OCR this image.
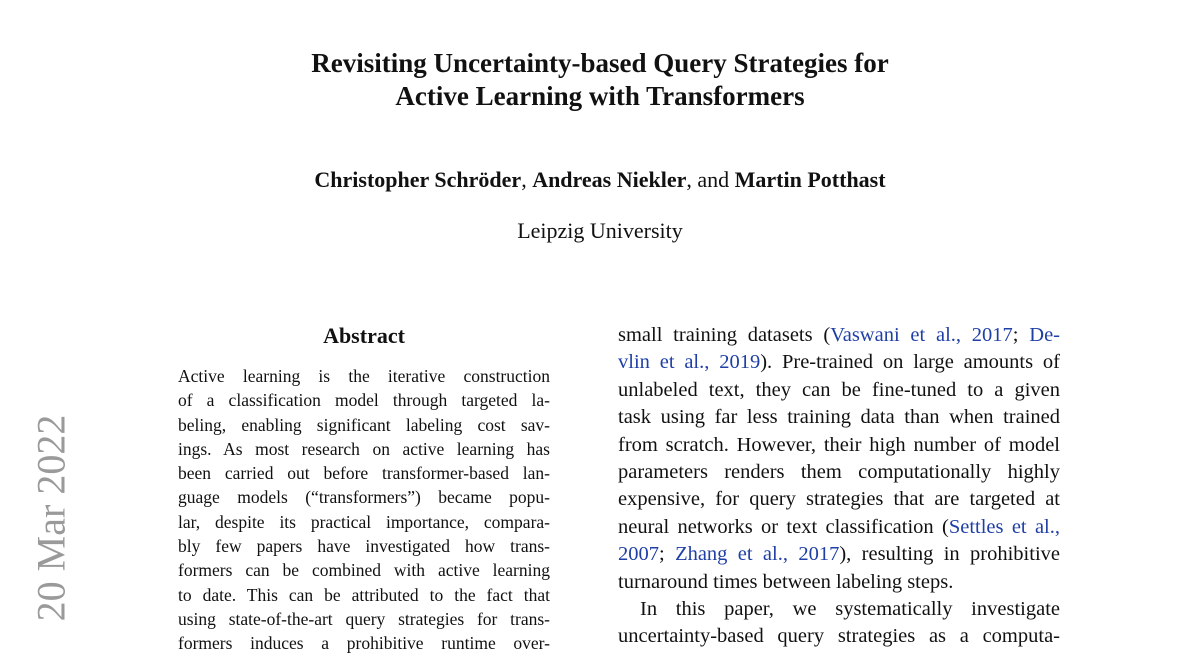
Revisiting Uncertainty-based Query Strategies for
Active Learning with Transformers
Christopher Schröder, Andreas Niekler, and Martin Potthast
Leipzig University
20 Mar 2022
Abstract
Active learning is the iterative construction
of a classification model through targeted la-
beling, enabling significant labeling cost sav-
ings. As most research on active learning has
been carried out before transformer-based lan-
guage models (“transformers”) became popu-
lar, despite its practical importance, compara-
bly few papers have investigated how trans-
formers can be combined with active learning
to date. This can be attributed to the fact that
using state-of-the-art query strategies for trans-
formers induces a prohibitive runtime over-
small training datasets (Vaswani et al., 2017; De-
vlin et al., 2019). Pre-trained on large amounts of
unlabeled text, they can be fine-tuned to a given
task using far less training data than when trained
from scratch. However, their high number of model
parameters renders them computationally highly
expensive, for query strategies that are targeted at
neural networks or text classification (Settles et al.,
2007; Zhang et al., 2017), resulting in prohibitive
turnaround times between labeling steps.
In this paper, we systematically investigate
uncertainty-based query strategies as a computa-
